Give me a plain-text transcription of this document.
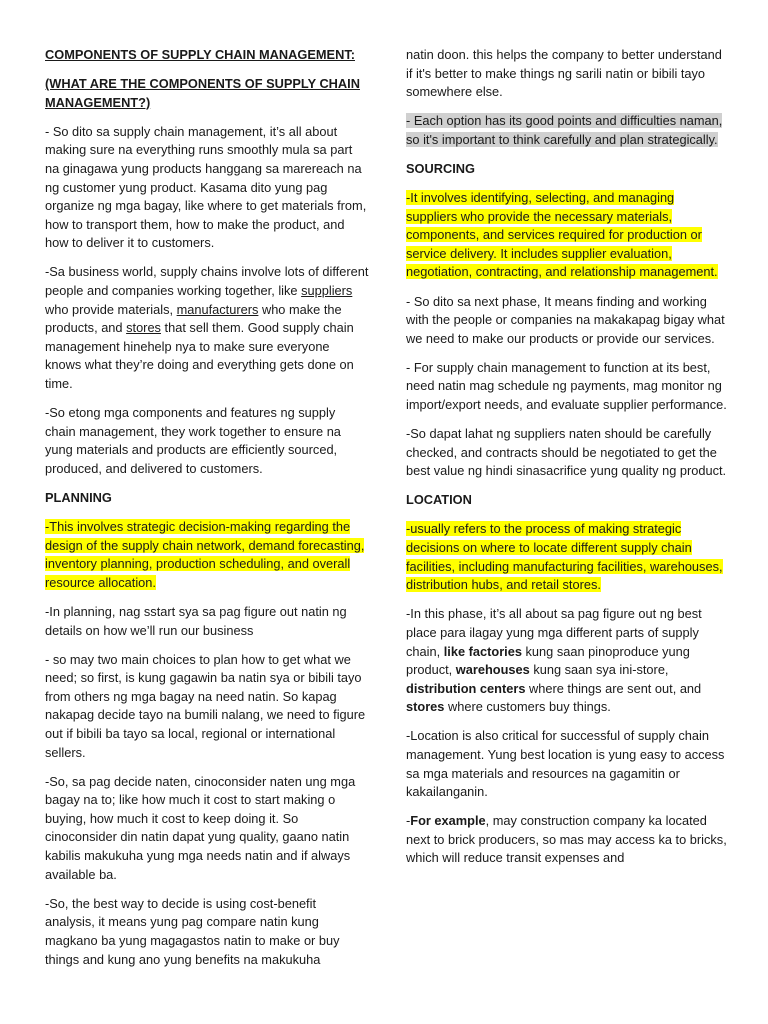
COMPONENTS OF SUPPLY CHAIN MANAGEMENT:

(WHAT ARE THE COMPONENTS OF SUPPLY CHAIN MANAGEMENT?)

- So dito sa supply chain management, it’s all about making sure na everything runs smoothly mula sa part na ginagawa yung products hanggang sa marereach na ng customer yung product. Kasama dito yung pag organize ng mga bagay, like where to get materials from, how to transport them, how to make the product, and how to deliver it to customers.

-Sa business world, supply chains involve lots of different people and companies working together, like suppliers who provide materials, manufacturers who make the products, and stores that sell them. Good supply chain management hinehelp nya to make sure everyone knows what they’re doing and everything gets done on time.

-So etong mga components and features ng supply chain management, they work together to ensure na yung materials and products are efficiently sourced, produced, and delivered to customers.

PLANNING

-This involves strategic decision-making regarding the design of the supply chain network, demand forecasting, inventory planning, production scheduling, and overall resource allocation.

-In planning, nag sstart sya sa pag figure out natin ng details on how we’ll run our business

- so may two main choices to plan how to get what we need; so first, is kung gagawin ba natin sya or bibili tayo from others ng mga bagay na need natin. So kapag nakapag decide tayo na bumili nalang, we need to figure out if bibili ba tayo sa local, regional or international sellers.

-So, sa pag decide naten, cinoconsider naten ung mga bagay na to; like how much it cost to start making o buying, how much it cost to keep doing it. So cinoconsider din natin dapat yung quality, gaano natin kabilis makukuha yung mga needs natin and if always available ba.

-So, the best way to decide is using cost-benefit analysis, it means yung pag compare natin kung magkano ba yung magagastos natin to make or buy things and kung ano yung benefits na makukuha

natin doon. this helps the company to better understand if it's better to make things ng sarili natin or bibili tayo somewhere else.

- Each option has its good points and difficulties naman, so it's important to think carefully and plan strategically.

SOURCING

-It involves identifying, selecting, and managing suppliers who provide the necessary materials, components, and services required for production or service delivery. It includes supplier evaluation, negotiation, contracting, and relationship management.

- So dito sa next phase, It means finding and working with the people or companies na makakapag bigay what we need to make our products or provide our services.

- For supply chain management to function at its best, need natin mag schedule ng payments, mag monitor ng import/export needs, and evaluate supplier performance.

-So dapat lahat ng suppliers naten should be carefully checked, and contracts should be negotiated to get the best value ng hindi sinasacrifice yung quality ng product.

LOCATION

-usually refers to the process of making strategic decisions on where to locate different supply chain facilities, including manufacturing facilities, warehouses, distribution hubs, and retail stores.

-In this phase, it’s all about sa pag figure out ng best place para ilagay yung mga different parts of supply chain, like factories kung saan pinoproduce yung product, warehouses kung saan sya ini-store, distribution centers where things are sent out, and stores where customers buy things.

-Location is also critical for successful of supply chain management. Yung best location is yung easy to access sa mga materials and resources na gagamitin or kakailanganin.

-For example, may construction company ka located next to brick producers, so mas may access ka to bricks, which will reduce transit expenses and
